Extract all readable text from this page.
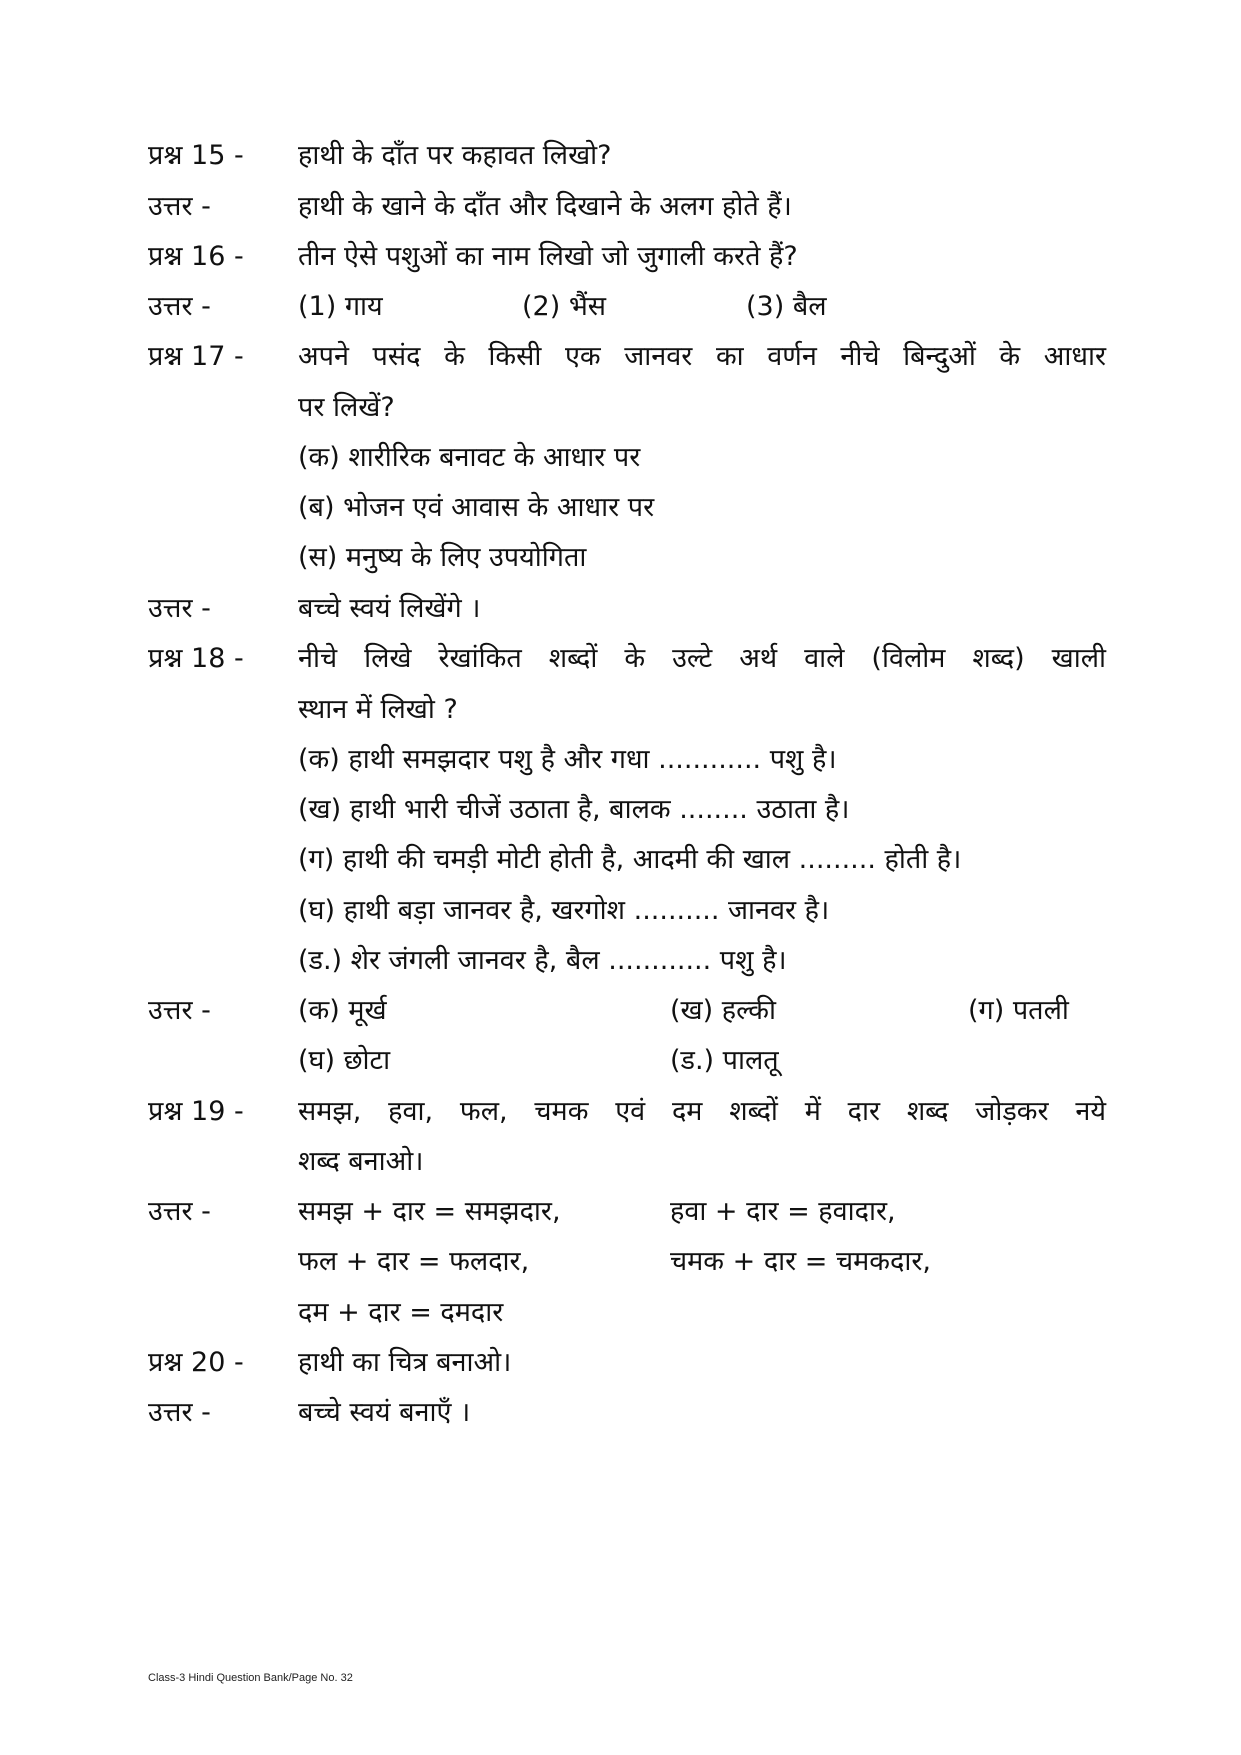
प्रश्न 15 - हाथी के दाँत पर कहावत लिखो?
उत्तर -	हाथी के खाने के दाँत और दिखाने के अलग होते हैं।
प्रश्न 16 - तीन ऐसे पशुओं का नाम लिखो जो जुगाली करते हैं?
उत्तर -	(1) गाय	(2) भैंस	(3) बैल
प्रश्न 17 - अपने पसंद के किसी एक जानवर का वर्णन नीचे बिन्दुओं के आधार
पर लिखें?
(क) शारीरिक बनावट के आधार पर
(ब) भोजन एवं आवास के आधार पर
(स) मनुष्य के लिए उपयोगिता
उत्तर -	बच्चे स्वयं लिखेंगे ।
प्रश्न 18 - नीचे लिखे रेखांकित शब्दों के उल्टे अर्थ वाले (विलोम शब्द) खाली
स्थान में लिखो ?
(क) हाथी समझदार पशु है और गधा ............ पशु है।
(ख) हाथी भारी चीजें उठाता है, बालक ........ उठाता है।
(ग) हाथी की चमड़ी मोटी होती है, आदमी की खाल ......... होती है।
(घ) हाथी बड़ा जानवर है, खरगोश .......... जानवर है।
(ड.) शेर जंगली जानवर है, बैल ............ पशु है।
उत्तर -	(क) मूर्ख	(ख) हल्की	(ग) पतली
(घ) छोटा	(ड.) पालतू
प्रश्न 19 - समझ, हवा, फल, चमक एवं दम शब्दों में दार शब्द जोड़कर नये
शब्द बनाओ।
उत्तर -	समझ + दार = समझदार,	हवा + दार = हवादार,
फल + दार = फलदार,	चमक + दार = चमकदार,
दम + दार = दमदार
प्रश्न 20 - हाथी का चित्र बनाओ।
उत्तर -	बच्चे स्वयं बनाएँ ।
Class-3 Hindi Question Bank/Page No. 32
